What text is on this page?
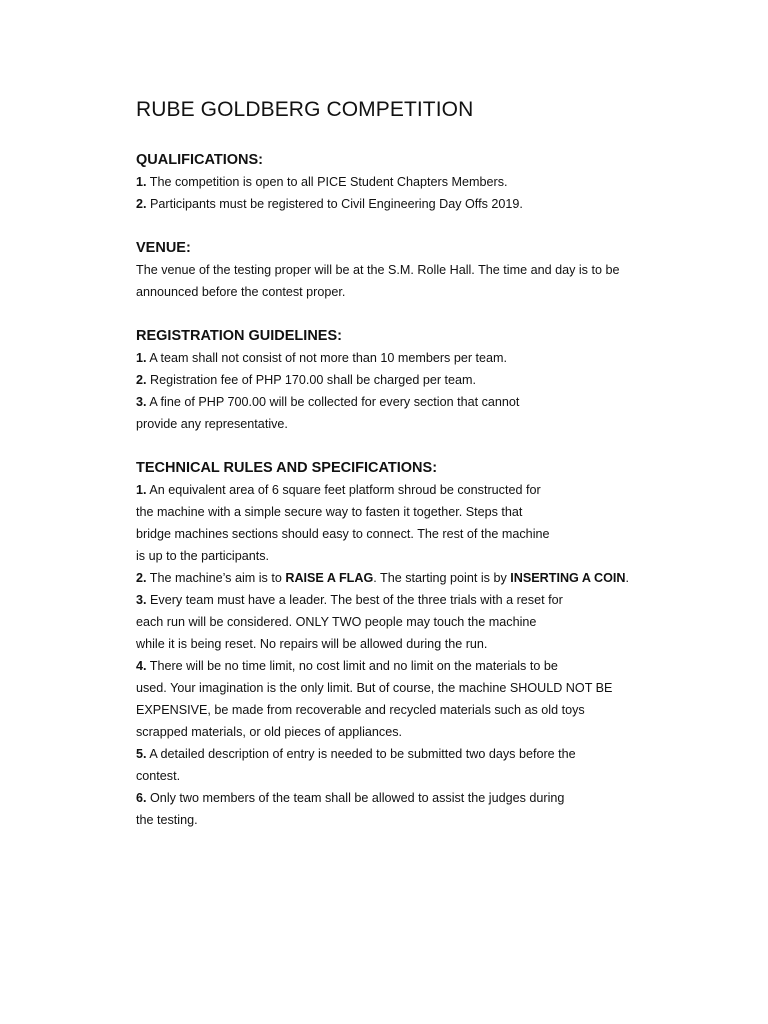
RUBE GOLDBERG COMPETITION

QUALIFICATIONS:

1. The competition is open to all PICE Student Chapters Members.

2. Participants must be registered to Civil Engineering Day Offs 2019.

VENUE:

The venue of the testing proper will be at the S.M. Rolle Hall. The time and day is to be

announced before the contest proper.

REGISTRATION GUIDELINES:

1. A team shall not consist of not more than 10 members per team.

2. Registration fee of PHP 170.00 shall be charged per team.

3. A fine of PHP 700.00 will be collected for every section that cannot

provide any representative.

TECHNICAL RULES AND SPECIFICATIONS:

1. An equivalent area of 6 square feet platform shroud be constructed for

the machine with a simple secure way to fasten it together. Steps that

bridge machines sections should easy to connect. The rest of the machine

is up to the participants.

2. The machine’s aim is to RAISE A FLAG. The starting point is by INSERTING A COIN.

3. Every team must have a leader. The best of the three trials with a reset for

each run will be considered. ONLY TWO people may touch the machine

while it is being reset. No repairs will be allowed during the run.

4. There will be no time limit, no cost limit and no limit on the materials to be

used. Your imagination is the only limit. But of course, the machine SHOULD NOT BE

EXPENSIVE, be made from recoverable and recycled materials such as old toys

scrapped materials, or old pieces of appliances.

5. A detailed description of entry is needed to be submitted two days before the

contest.

6. Only two members of the team shall be allowed to assist the judges during

the testing.
